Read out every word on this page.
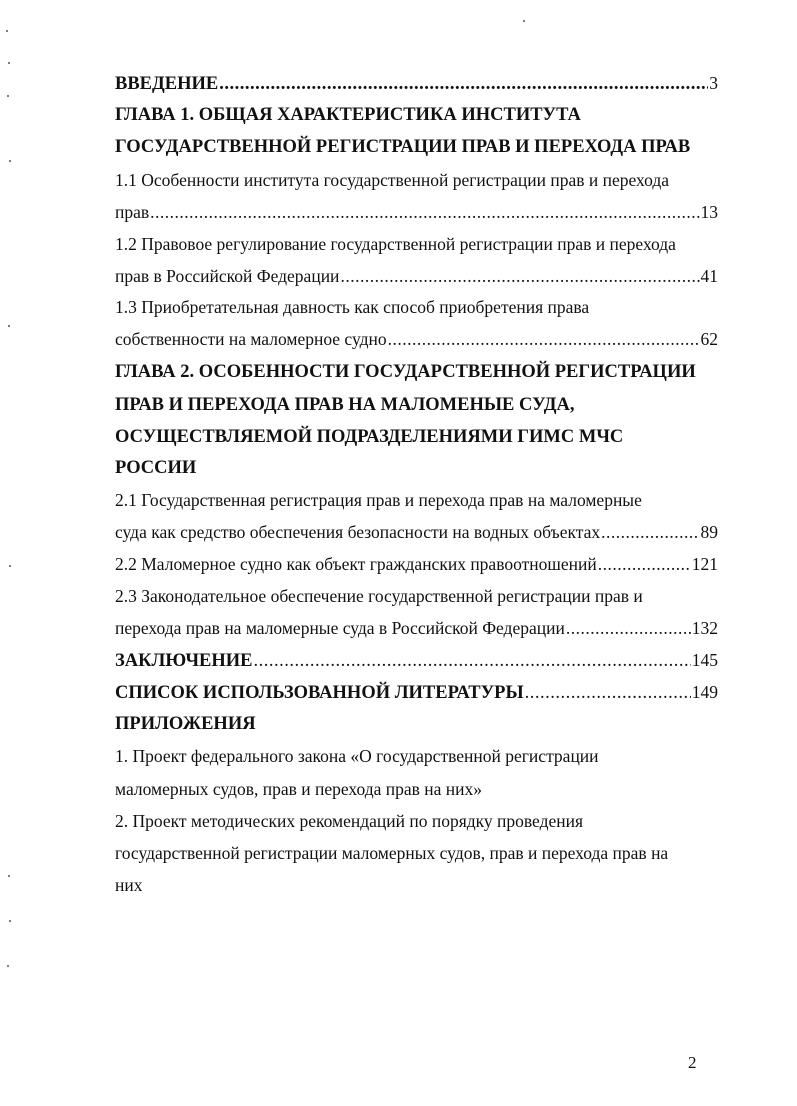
ВВЕДЕНИЕ .....	3
ГЛАВА 1. ОБЩАЯ ХАРАКТЕРИСТИКА ИНСТИТУТА
ГОСУДАРСТВЕННОЙ РЕГИСТРАЦИИ ПРАВ И ПЕРЕХОДА ПРАВ
1.1 Особенности института государственной регистрации прав и перехода
прав .....	13
1.2 Правовое регулирование государственной регистрации прав и перехода
прав в Российской Федерации .....	41
1.3 Приобретательная давность как способ приобретения права
собственности на маломерное судно .....	62
ГЛАВА 2. ОСОБЕННОСТИ ГОСУДАРСТВЕННОЙ РЕГИСТРАЦИИ
ПРАВ И ПЕРЕХОДА ПРАВ НА МАЛОМЕНЫЕ СУДА,
ОСУЩЕСТВЛЯЕМОЙ ПОДРАЗДЕЛЕНИЯМИ ГИМС МЧС
РОССИИ
2.1 Государственная регистрация прав и перехода прав на маломерные
суда как средство обеспечения безопасности на водных объектах .....	89
2.2 Маломерное судно как объект гражданских правоотношений .....	121
2.3 Законодательное обеспечение государственной регистрации прав и
перехода прав на маломерные суда в Российской Федерации .....	132
ЗАКЛЮЧЕНИЕ .....	145
СПИСОК ИСПОЛЬЗОВАННОЙ ЛИТЕРАТУРЫ .....	149
ПРИЛОЖЕНИЯ
1. Проект федерального закона «О государственной регистрации
маломерных судов, прав и перехода прав на них»
2. Проект методических рекомендаций по порядку проведения
государственной регистрации маломерных судов, прав и перехода прав на
них
2
